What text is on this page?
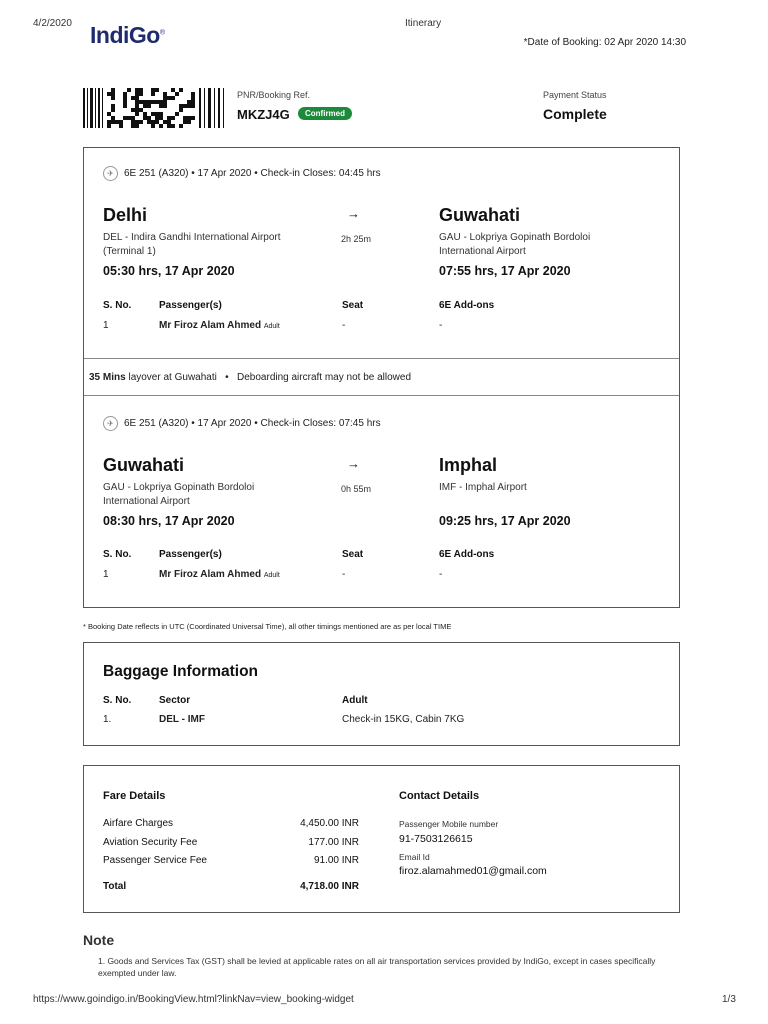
4/2/2020	Itinerary
IndiGo®
*Date of Booking: 02 Apr 2020 14:30
PNR/Booking Ref.
MKZJ4G	Confirmed
Payment Status
Complete
✈	6E 251 (A320) • 17 Apr 2020 • Check-in Closes: 04:45 hrs
Delhi
DEL - Indira Gandhi International Airport
(Terminal 1)
05:30 hrs, 17 Apr 2020
→
2h 25m
Guwahati
GAU - Lokpriya Gopinath Bordoloi
International Airport
07:55 hrs, 17 Apr 2020
S. No.	Passenger(s)	Seat	6E Add-ons
1	Mr Firoz Alam Ahmed Adult	-	-
35 Mins layover at Guwahati   •   Deboarding aircraft may not be allowed
✈	6E 251 (A320) • 17 Apr 2020 • Check-in Closes: 07:45 hrs
Guwahati
GAU - Lokpriya Gopinath Bordoloi
International Airport
08:30 hrs, 17 Apr 2020
→
0h 55m
Imphal
IMF - Imphal Airport
09:25 hrs, 17 Apr 2020
S. No.	Passenger(s)	Seat	6E Add-ons
1	Mr Firoz Alam Ahmed Adult	-	-
* Booking Date reflects in UTC (Coordinated Universal Time), all other timings mentioned are as per local TIME
Baggage Information
S. No.	Sector	Adult
1.	DEL - IMF	Check-in 15KG, Cabin 7KG
Fare Details
Airfare Charges	4,450.00 INR
Aviation Security Fee	177.00 INR
Passenger Service Fee	91.00 INR
Total	4,718.00 INR
Contact Details
Passenger Mobile number
91-7503126615
Email Id
firoz.alamahmed01@gmail.com
Note
1. Goods and Services Tax (GST) shall be levied at applicable rates on all air transportation services provided by IndiGo, except in cases specifically exempted under law.
https://www.goindigo.in/BookingView.html?linkNav=view_booking-widget	1/3
